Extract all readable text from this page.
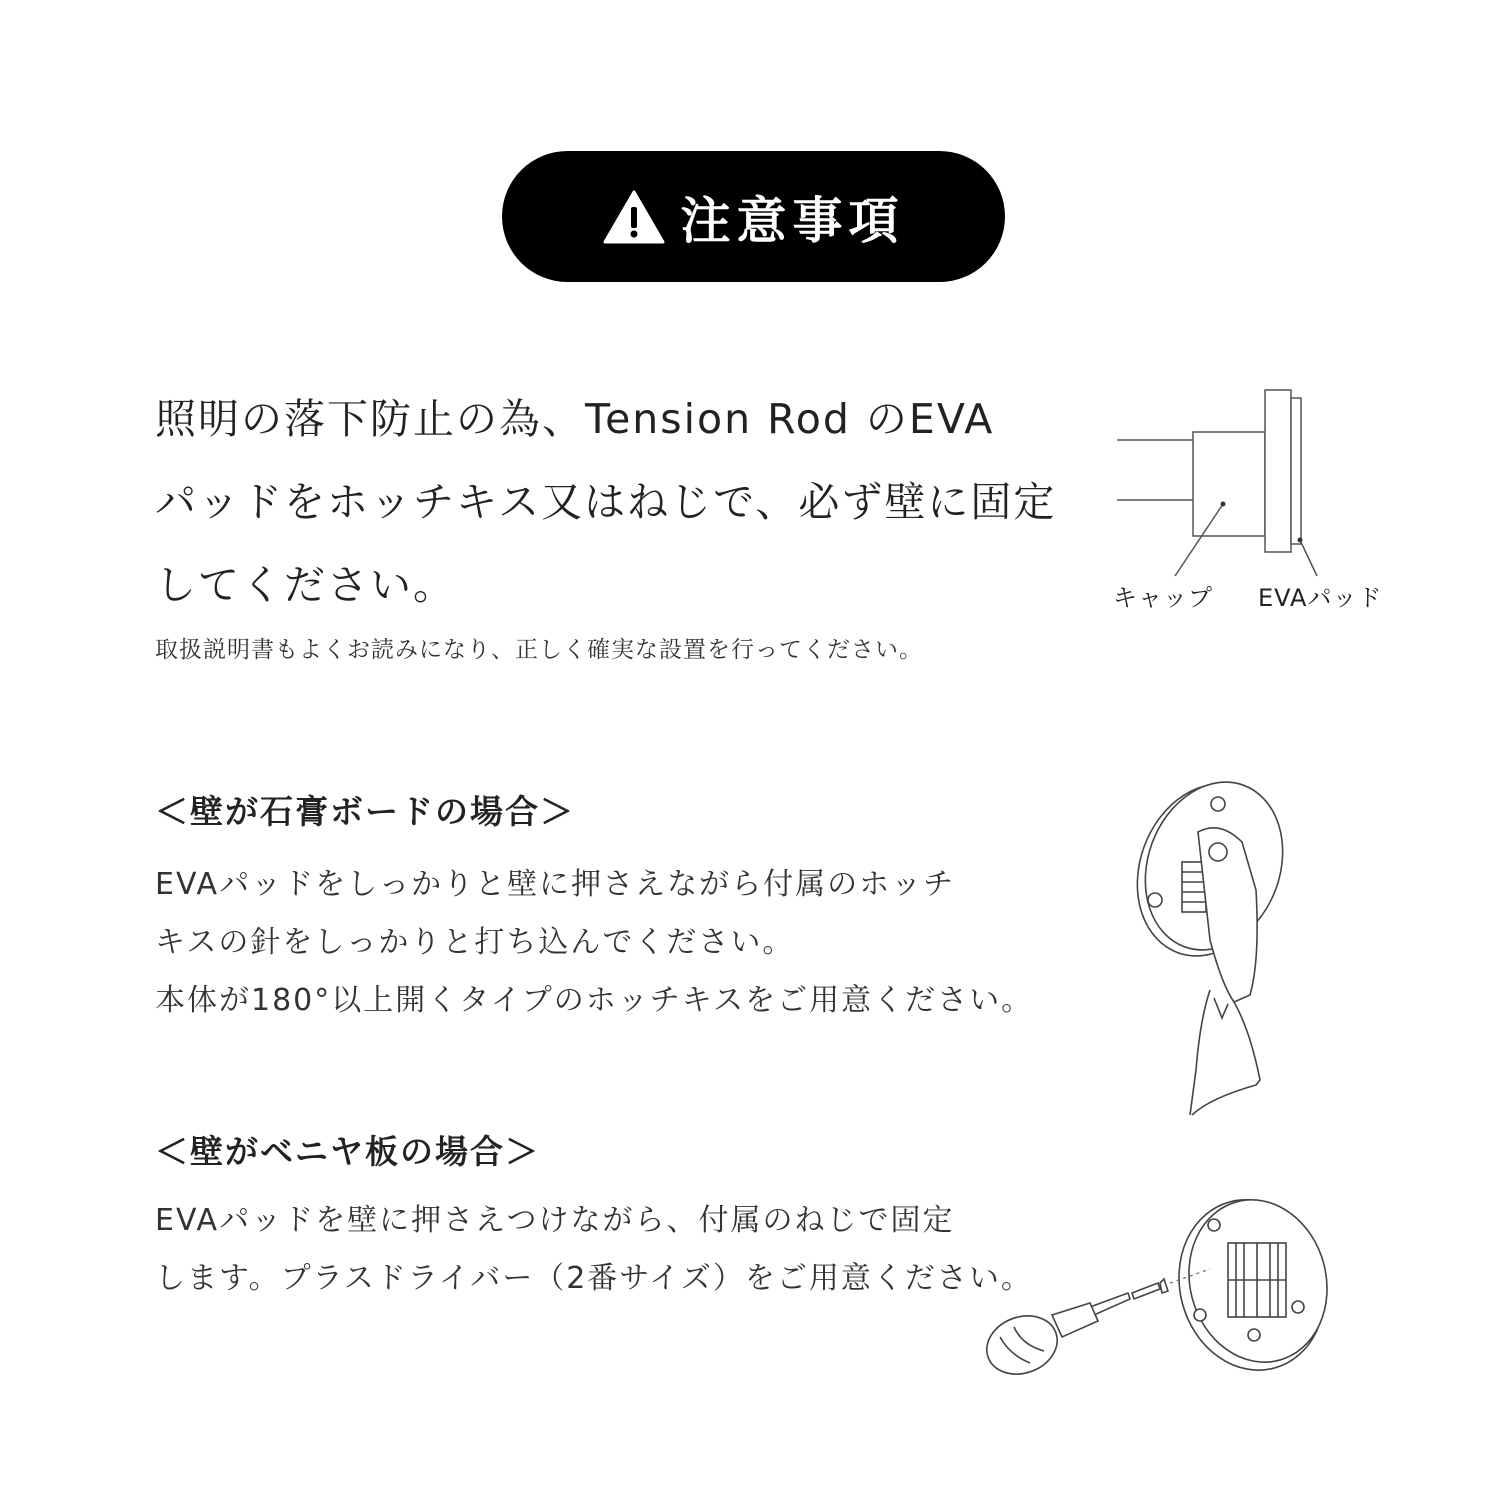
注意事項
照明の落下防止の為、Tension Rod のEVA
パッドをホッチキス又はねじで、必ず壁に固定
してください。
取扱説明書もよくお読みになり、正しく確実な設置を行ってください。
キャップ EVAパッド
＜壁が石膏ボードの場合＞
EVAパッドをしっかりと壁に押さえながら付属のホッチ
キスの針をしっかりと打ち込んでください。
本体が180°以上開くタイプのホッチキスをご用意ください。
＜壁がベニヤ板の場合＞
EVAパッドを壁に押さえつけながら、付属のねじで固定
します。プラスドライバー（2番サイズ）をご用意ください。
